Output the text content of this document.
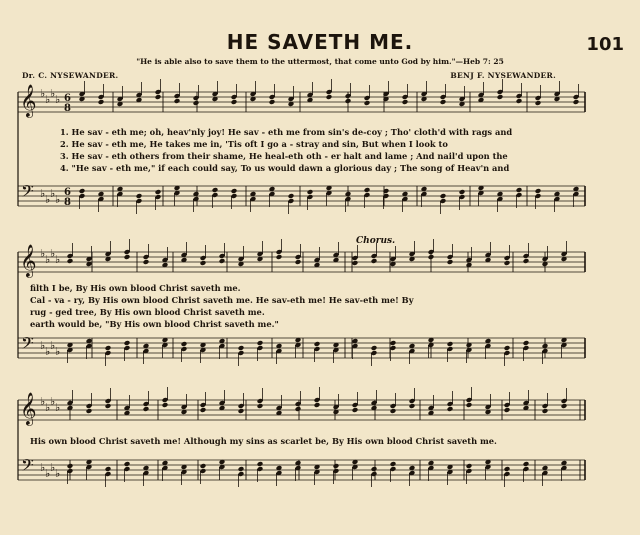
HE SAVETH ME.	101
"He is able also to save them to the uttermost, that come unto God by him."—Heb 7: 25
Dr. C. NYSEWANDER.	BENJ F. NYSEWANDER.
𝄞
𝄢
♭ ♭ ♭ ♭
♭ ♭ ♭ ♭
6
8
6
8
𝄞
𝄢
♭ ♭ ♭ ♭
♭ ♭ ♭ ♭
𝄞
𝄢
♭ ♭ ♭ ♭
♭ ♭ ♭ ♭
1. He sav - eth me; oh, heav'nly joy! He sav - eth me from sin's de-coy ; Tho' cloth'd with rags and
2. He sav - eth me, He takes me in, 'Tis oft I go a - stray and sin, But when I look to
3. He sav - eth others from their shame, He heal-eth oth - er halt and lame ; And nail'd upon the
4. "He sav - eth me," if each could say, To us would dawn a glorious day ; The song of Heav'n and
Chorus.
filth I be, By His own blood Christ saveth me.
Cal - va - ry, By His own blood Christ saveth me. He sav-eth me! He sav-eth me! By
rug - ged tree, By His own blood Christ saveth me.
earth would be, "By His own blood Christ saveth me."
His own blood Christ saveth me! Although my sins as scarlet be, By His own blood Christ saveth me.
